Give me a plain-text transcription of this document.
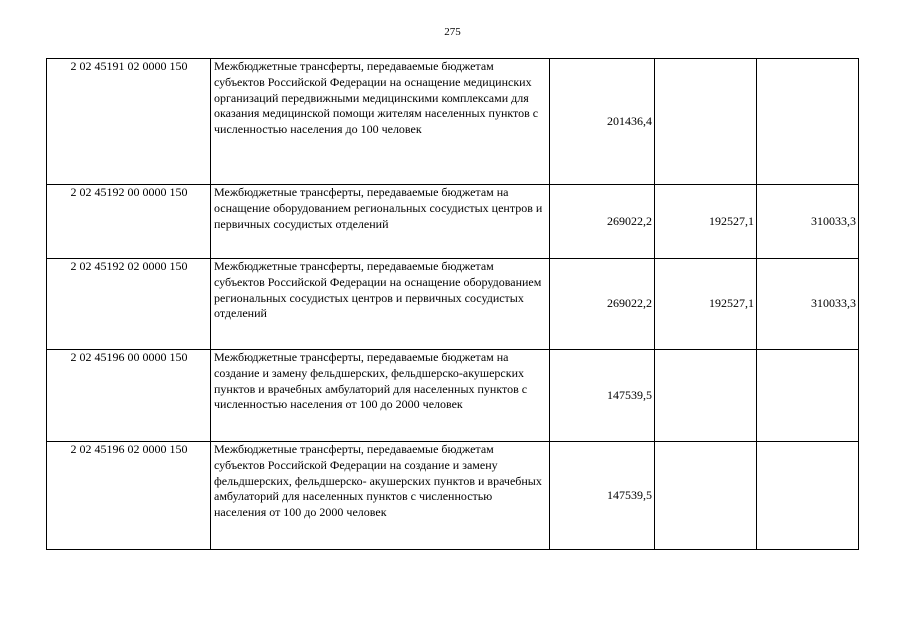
275
2 02 45191 02 0000 150	Межбюджетные трансферты, передаваемые бюджетам субъектов Российской Федерации на оснащение медицинских организаций передвижными медицинскими комплексами для оказания медицинской помощи жителям населенных пунктов с численностью населения до 100 человек	201436,4		
2 02 45192 00 0000 150	Межбюджетные трансферты, передаваемые бюджетам на оснащение оборудованием региональных сосудистых центров и первичных сосудистых отделений	269022,2	192527,1	310033,3
2 02 45192 02 0000 150	Межбюджетные трансферты, передаваемые бюджетам субъектов Российской Федерации на оснащение оборудованием региональных сосудистых центров и первичных сосудистых отделений	269022,2	192527,1	310033,3
2 02 45196 00 0000 150	Межбюджетные трансферты, передаваемые бюджетам на создание и замену фельдшерских, фельдшерско-акушерских пунктов и врачебных амбулаторий для населенных пунктов с численностью населения от 100 до 2000 человек	147539,5		
2 02 45196 02 0000 150	Межбюджетные трансферты, передаваемые бюджетам субъектов Российской Федерации на создание и замену фельдшерских, фельдшерско- акушерских пунктов и врачебных амбулаторий для населенных пунктов с численностью населения от 100 до 2000 человек	147539,5		
